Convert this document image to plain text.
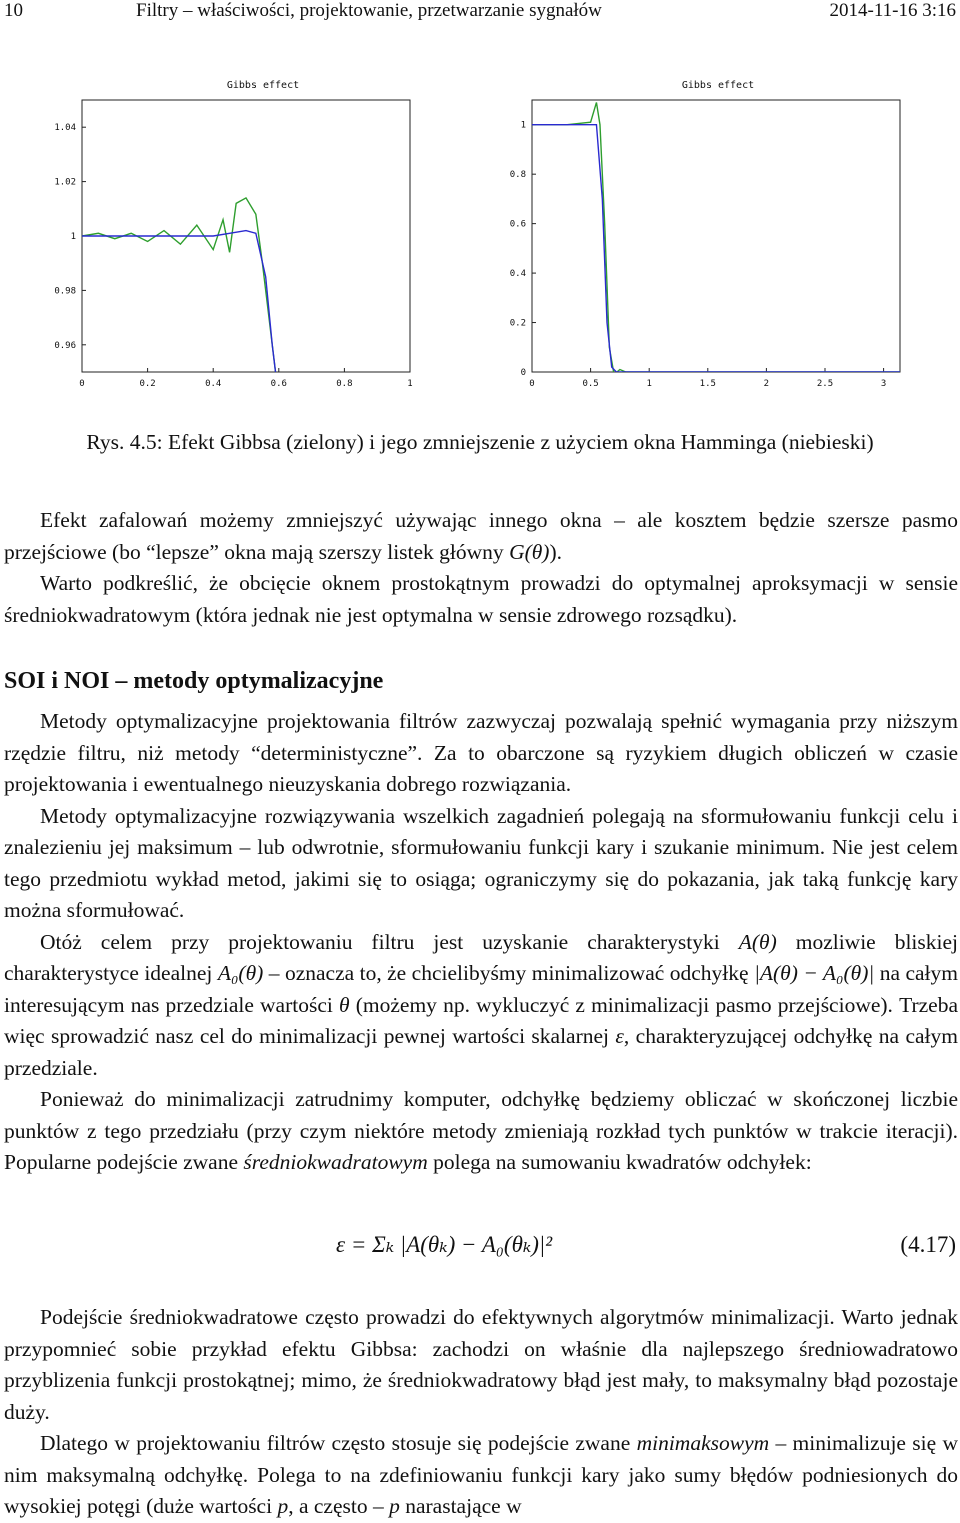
10	Filtry – właściwości, projektowanie, przetwarzanie sygnałów	2014-11-16 3:16
Gibbs effect
1.04
1.02
1
0.98
0.96
0	0.2	0.4	0.6	0.8	1
Gibbs effect
1
0.8
0.6
0.4
0.2
0
0	0.5	1	1.5	2	2.5	3
Rys. 4.5: Efekt Gibbsa (zielony) i jego zmniejszenie z użyciem okna Hamminga (niebieski)

Efekt zafalowań możemy zmniejszyć używając innego okna – ale kosztem będzie szersze pasmo przejściowe (bo “lepsze” okna mają szerszy listek główny G(θ)).

Warto podkreślić, że obcięcie oknem prostokątnym prowadzi do optymalnej aproksymacji w sensie średniokwadratowym (która jednak nie jest optymalna w sensie zdrowego rozsądku).

SOI i NOI – metody optymalizacyjne

Metody optymalizacyjne projektowania filtrów zazwyczaj pozwalają spełnić wymagania przy niższym rzędzie filtru, niż metody “deterministyczne”. Za to obarczone są ryzykiem długich obliczeń w czasie projektowania i ewentualnego nieuzyskania dobrego rozwiązania.

Metody optymalizacyjne rozwiązywania wszelkich zagadnień polegają na sformułowaniu funkcji celu i znalezieniu jej maksimum – lub odwrotnie, sformułowaniu funkcji kary i szukanie minimum. Nie jest celem tego przedmiotu wykład metod, jakimi się to osiąga; ograniczymy się do pokazania, jak taką funkcję kary można sformułować.

Otóż celem przy projektowaniu filtru jest uzyskanie charakterystyki A(θ) mozliwie bliskiej charakterystyce idealnej A₀(θ) – oznacza to, że chcielibyśmy minimalizować odchyłkę |A(θ) − A₀(θ)| na całym interesującym nas przedziale wartości θ (możemy np. wykluczyć z minimalizacji pasmo przejściowe). Trzeba więc sprowadzić nasz cel do minimalizacji pewnej wartości skalarnej ε, charakteryzującej odchyłkę na całym przedziale.

Ponieważ do minimalizacji zatrudnimy komputer, odchyłkę będziemy obliczać w skończonej liczbie punktów z tego przedziału (przy czym niektóre metody zmieniają rozkład tych punktów w trakcie iteracji). Popularne podejście zwane średniokwadratowym polega na sumowaniu kwadratów odchyłek:

ε = Σₖ |A(θₖ) − A₀(θₖ)|²	(4.17)

Podejście średniokwadratowe często prowadzi do efektywnych algorytmów minimalizacji. Warto jednak przypomnieć sobie przykład efektu Gibbsa: zachodzi on właśnie dla najlepszego średniowadratowo przyblizenia funkcji prostokątnej; mimo, że średniokwadratowy błąd jest mały, to maksymalny błąd pozostaje duży.

Dlatego w projektowaniu filtrów często stosuje się podejście zwane minimaksowym – minimalizuje się w nim maksymalną odchyłkę. Polega to na zdefiniowaniu funkcji kary jako sumy błędów podniesionych do wysokiej potęgi (duże wartości p, a często – p narastające w
